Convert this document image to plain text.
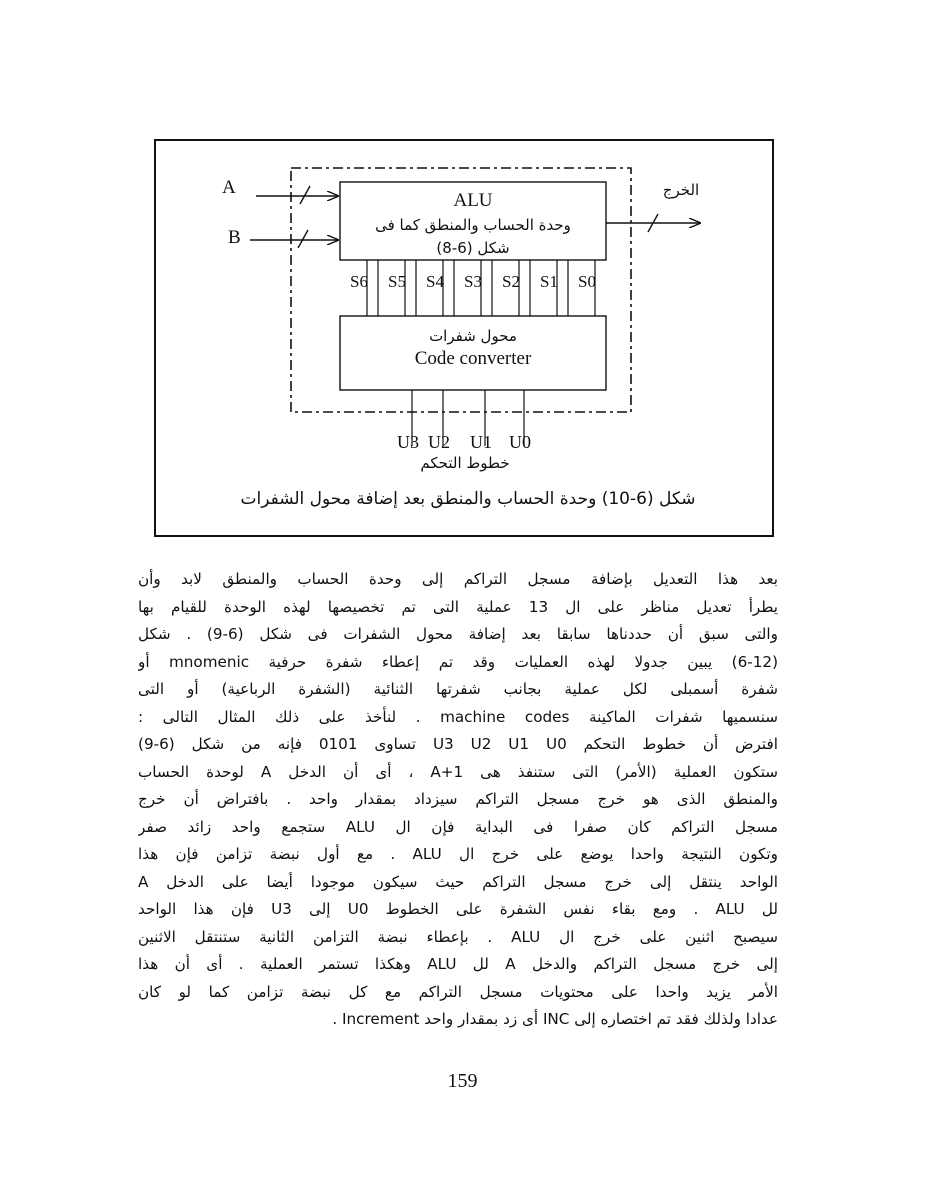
ALU
وحدة الحساب والمنطق كما فى
شكل (6-8)
A
B
الخرج
S6 S5 S4 S3 S2 S1 S0
محول شفرات
Code converter
U3 U2 U1 U0
خطوط التحكم
شكل (6-10) وحدة الحساب والمنطق بعد إضافة محول الشفرات
بعد هذا التعديل بإضافة مسجل التراكم إلى وحدة الحساب والمنطق لابد وأن
يطرأ تعديل مناظر على ال 13 عملية التى تم تخصيصها لهذه الوحدة للقيام بها
والتى سبق أن حددناها سابقا بعد إضافة محول الشفرات فى شكل (6-9) . شكل
(6-12) يبين جدولا لهذه العمليات وقد تم إعطاء شفرة حرفية mnomenic أو
شفرة أسمبلى لكل عملية بجانب شفرتها الثنائية (الشفرة الرباعية) أو التى
سنسميها شفرات الماكينة machine codes . لنأخذ على ذلك المثال التالى :
افترض أن خطوط التحكم U3 U2 U1 U0 تساوى 0101 فإنه من شكل (6-9)
ستكون العملية (الأمر) التى ستنفذ هى A+1 ، أى أن الدخل A لوحدة الحساب
والمنطق الذى هو خرج مسجل التراكم سيزداد بمقدار واحد . بافتراض أن خرج
مسجل التراكم كان صفرا فى البداية فإن ال ALU ستجمع واحد زائد صفر
وتكون النتيجة واحدا يوضع على خرج ال ALU . مع أول نبضة تزامن فإن هذا
الواحد ينتقل إلى خرج مسجل التراكم حيث سيكون موجودا أيضا على الدخل A
لل ALU . ومع بقاء نفس الشفرة على الخطوط U0 إلى U3 فإن هذا الواحد
سيصبح اثنين على خرج ال ALU . بإعطاء نبضة التزامن الثانية ستنتقل الاثنين
إلى خرج مسجل التراكم والدخل A لل ALU وهكذا تستمر العملية . أى أن هذا
الأمر يزيد واحدا على محتويات مسجل التراكم مع كل نبضة تزامن كما لو كان
عدادا ولذلك فقد تم اختصاره إلى INC أى زد بمقدار واحد Increment .
159
